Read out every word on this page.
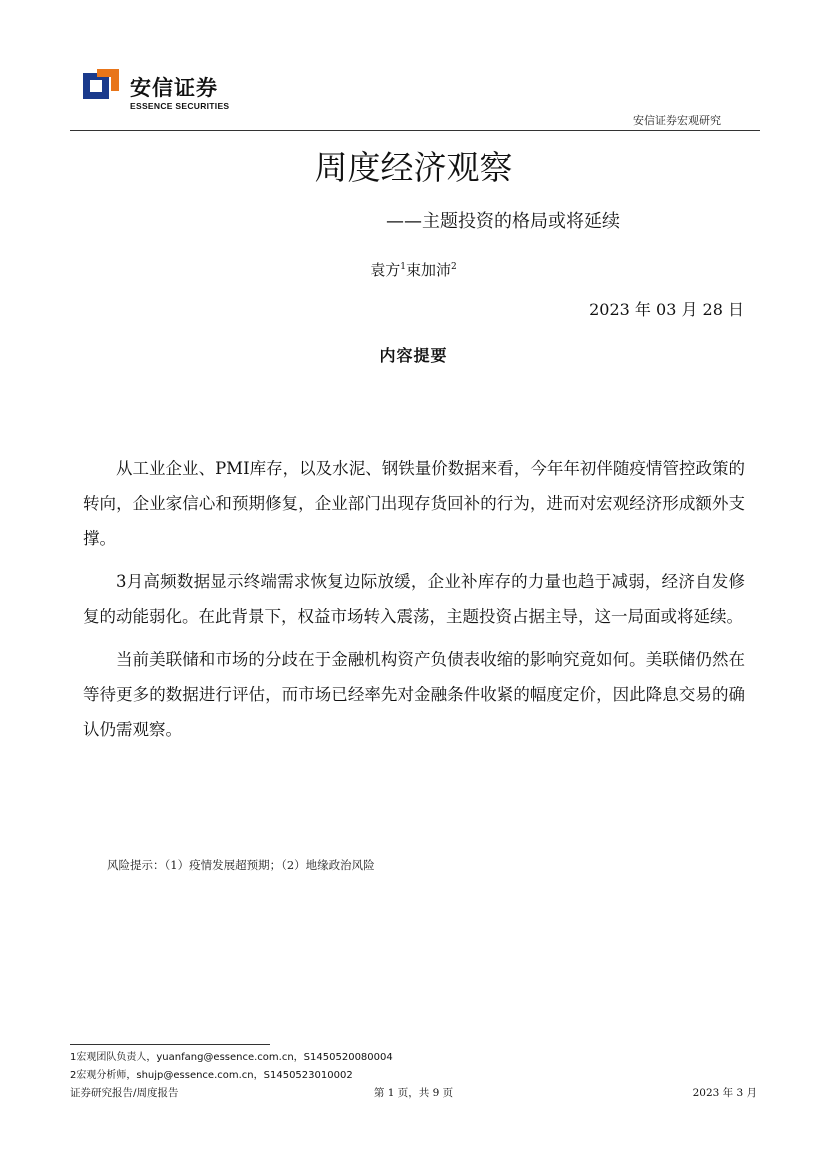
安信证券
ESSENCE SECURITIES
安信证券宏观研究
周度经济观察
——主题投资的格局或将延续
袁方$^1$束加沛$^2$
2023 年 03 月 28 日
内容提要

从工业企业、PMI库存，以及水泥、钢铁量价数据来看，今年年初伴随疫情管控政策的转向，企业家信心和预期修复，企业部门出现存货回补的行为，进而对宏观经济形成额外支撑。

3月高频数据显示终端需求恢复边际放缓，企业补库存的力量也趋于减弱，经济自发修复的动能弱化。在此背景下，权益市场转入震荡，主题投资占据主导，这一局面或将延续。

当前美联储和市场的分歧在于金融机构资产负债表收缩的影响究竟如何。美联储仍然在等待更多的数据进行评估，而市场已经率先对金融条件收紧的幅度定价，因此降息交易的确认仍需观察。

风险提示：（1）疫情发展超预期；（2）地缘政治风险
1宏观团队负责人，yuanfang@essence.com.cn，S1450520080004
2宏观分析师，shujp@essence.com.cn，S1450523010002
证券研究报告/周度报告	第 1 页，共 9 页	2023 年 3 月
